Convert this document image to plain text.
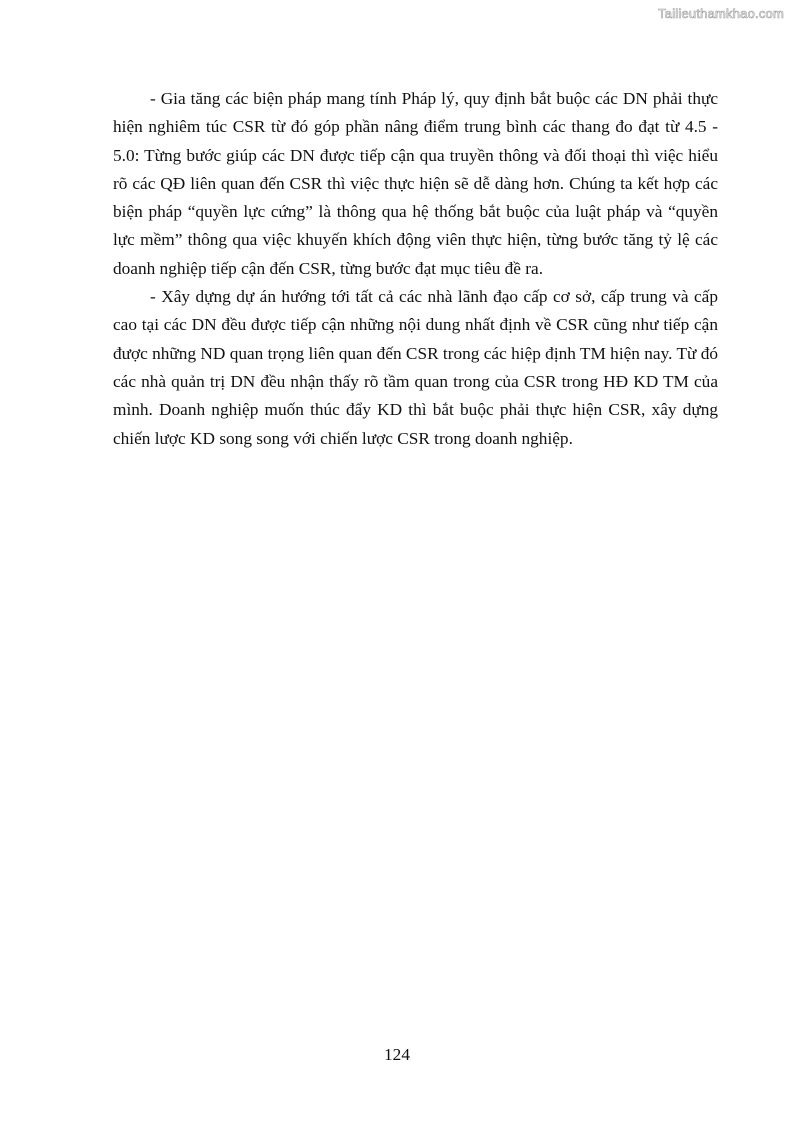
Tailieuthamkhao.com

- Gia tăng các biện pháp mang tính Pháp lý, quy định bắt buộc các DN phải thực hiện nghiêm túc CSR từ đó góp phần nâng điểm trung bình các thang đo đạt từ 4.5 - 5.0: Từng bước giúp các DN được tiếp cận qua truyền thông và đối thoại thì việc hiểu rõ các QĐ liên quan đến CSR thì việc thực hiện sẽ dễ dàng hơn. Chúng ta kết hợp các biện pháp “quyền lực cứng” là thông qua hệ thống bắt buộc của luật pháp và “quyền lực mềm” thông qua việc khuyến khích động viên thực hiện, từng bước tăng tỷ lệ các doanh nghiệp tiếp cận đến CSR, từng bước đạt mục tiêu đề ra.

- Xây dựng dự án hướng tới tất cả các nhà lãnh đạo cấp cơ sở, cấp trung và cấp cao tại các DN đều được tiếp cận những nội dung nhất định về CSR cũng như tiếp cận được những ND quan trọng liên quan đến CSR trong các hiệp định TM hiện nay. Từ đó các nhà quản trị DN đều nhận thấy rõ tầm quan trong của CSR trong HĐ KD TM của mình. Doanh nghiệp muốn thúc đẩy KD thì bắt buộc phải thực hiện CSR, xây dựng chiến lược KD song song với chiến lược CSR trong doanh nghiệp.

124
